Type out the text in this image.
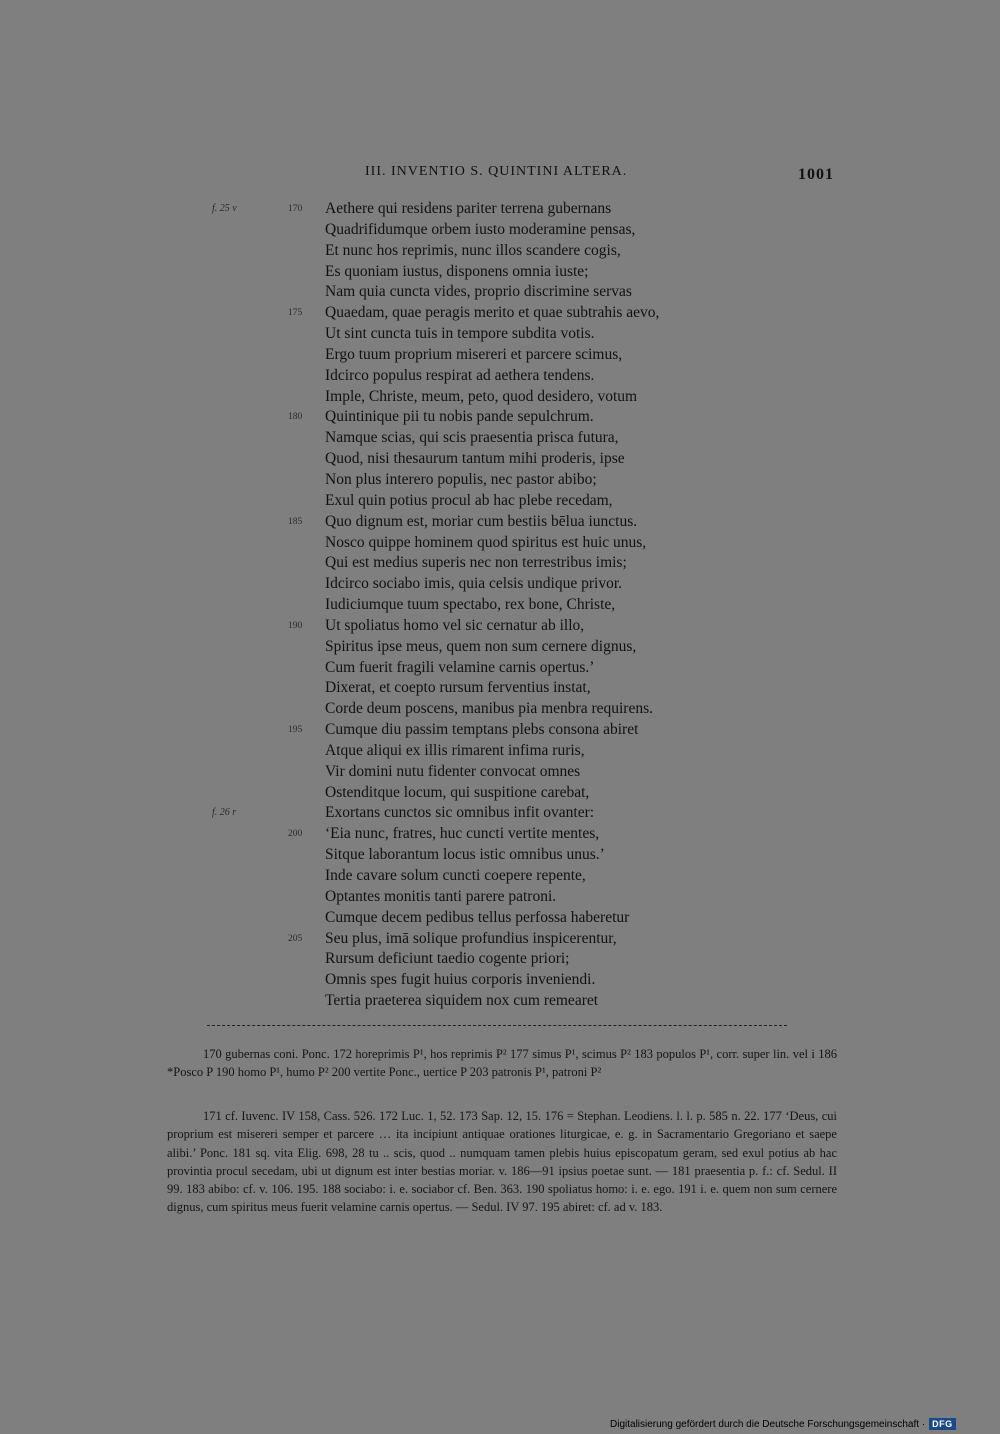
III. INVENTIO S. QUINTINI ALTERA.	1001
f. 25 v	170 Aethere qui residens pariter terrena gubernans
Quadrifidumque orbem iusto moderamine pensas,
Et nunc hos reprimis, nunc illos scandere cogis,
Es quoniam iustus, disponens omnia iuste;
Nam quia cuncta vides, proprio discrimine servas
175 Quaedam, quae peragis merito et quae subtrahis aevo,
Ut sint cuncta tuis in tempore subdita votis.
Ergo tuum proprium misereri et parcere scimus,
Idcirco populus respirat ad aethera tendens.
Imple, Christe, meum, peto, quod desidero, votum
180 Quintinique pii tu nobis pande sepulchrum.
Namque scias, qui scis praesentia prisca futura,
Quod, nisi thesaurum tantum mihi proderis, ipse
Non plus interero populis, nec pastor abibo;
Exul quin potius procul ab hac plebe recedam,
185 Quo dignum est, moriar cum bestiis bēlua iunctus.
Nosco quippe hominem quod spiritus est huic unus,
Qui est medius superis nec non terrestribus imis;
Idcirco sociabo imis, quia celsis undique privor.
Iudiciumque tuum spectabo, rex bone, Christe,
190 Ut spoliatus homo vel sic cernatur ab illo,
Spiritus ipse meus, quem non sum cernere dignus,
Cum fuerit fragili velamine carnis opertus.’
Dixerat, et coepto rursum ferventius instat,
Corde deum poscens, manibus pia menbra requirens.
195 Cumque diu passim temptans plebs consona abiret
Atque aliqui ex illis rimarent infima ruris,
Vir domini nutu fidenter convocat omnes
Ostenditque locum, qui suspitione carebat,
f. 26 r	Exortans cunctos sic omnibus infit ovanter:
200 ‘Eia nunc, fratres, huc cuncti vertite mentes,
Sitque laborantum locus istic omnibus unus.’
Inde cavare solum cuncti coepere repente,
Optantes monitis tanti parere patroni.
Cumque decem pedibus tellus perfossa haberetur
205 Seu plus, imā solique profundius inspicerentur,
Rursum deficiunt taedio cogente priori;
Omnis spes fugit huius corporis inveniendi.
Tertia praeterea siquidem nox cum remearet

170 gubernas coni. Ponc. 172 horeprimis P¹, hos reprimis P² 177 simus P¹, scimus P² 183 populos P¹, corr. super lin. vel i 186 *Posco P 190 homo P¹, humo P² 200 vertite Ponc., uertice P 203 patronis P¹, patroni P²

171 cf. Iuvenc. IV 158, Cass. 526. 172 Luc. 1, 52. 173 Sap. 12, 15. 176 = Stephan. Leodiens. l. l. p. 585 n. 22. 177 ‘Deus, cui proprium est misereri semper et parcere … ita incipiunt antiquae orationes liturgicae, e. g. in Sacramentario Gregoriano et saepe alibi.’ Ponc. 181 sq. vita Elig. 698, 28 tu .. scis, quod .. numquam tamen plebis huius episcopatum geram, sed exul potius ab hac provintia procul secedam, ubi ut dignum est inter bestias moriar. v. 186—91 ipsius poetae sunt. — 181 praesentia p. f.: cf. Sedul. II 99. 183 abibo: cf. v. 106. 195. 188 sociabo: i. e. sociabor cf. Ben. 363. 190 spoliatus homo: i. e. ego. 191 i. e. quem non sum cernere dignus, cum spiritus meus fuerit velamine carnis opertus. — Sedul. IV 97. 195 abiret: cf. ad v. 183.

Digitalisierung gefördert durch die Deutsche Forschungsgemeinschaft · DFG
